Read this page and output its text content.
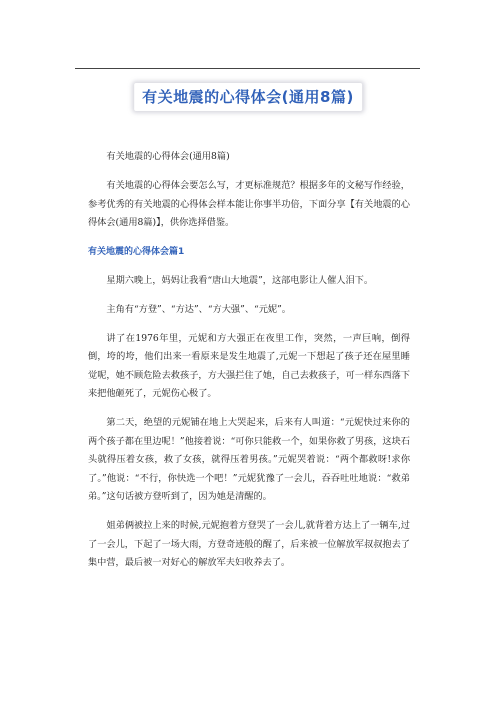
有关地震的心得体会(通用8篇)

有关地震的心得体会(通用8篇)

有关地震的心得体会要怎么写，才更标准规范？根据多年的文秘写作经验，参考优秀的有关地震的心得体会样本能让你事半功倍，下面分享【有关地震的心得体会(通用8篇)】，供你选择借鉴。

有关地震的心得体会篇1

星期六晚上，妈妈让我看“唐山大地震”，这部电影让人催人泪下。

主角有“方登”、“方达”、“方大强”、“元妮”。

讲了在1976年里，元妮和方大强正在夜里工作，突然，一声巨响，倒得倒，垮的垮，他们出来一看原来是发生地震了,元妮一下想起了孩子还在屋里睡觉呢，她不顾危险去救孩子，方大强拦住了她，自己去救孩子，可一样东西落下来把他砸死了，元妮伤心极了。

第二天，绝望的元妮铺在地上大哭起来，后来有人叫道：“元妮快过来你的两个孩子都在里边呢！”他接着说：“可你只能救一个，如果你救了男孩，这块石头就得压着女孩，救了女孩，就得压着男孩。”元妮哭着说：“两个都救呀!求你了。”他说：“不行，你快选一个吧！”元妮犹豫了一会儿，吞吞吐吐地说：“救弟弟。”这句话被方登听到了，因为她是清醒的。

姐弟俩被拉上来的时候,元妮抱着方登哭了一会儿,就背着方达上了一辆车,过了一会儿，下起了一场大雨，方登奇迹般的醒了，后来被一位解放军叔叔抱去了集中营，最后被一对好心的解放军夫妇收养去了。
